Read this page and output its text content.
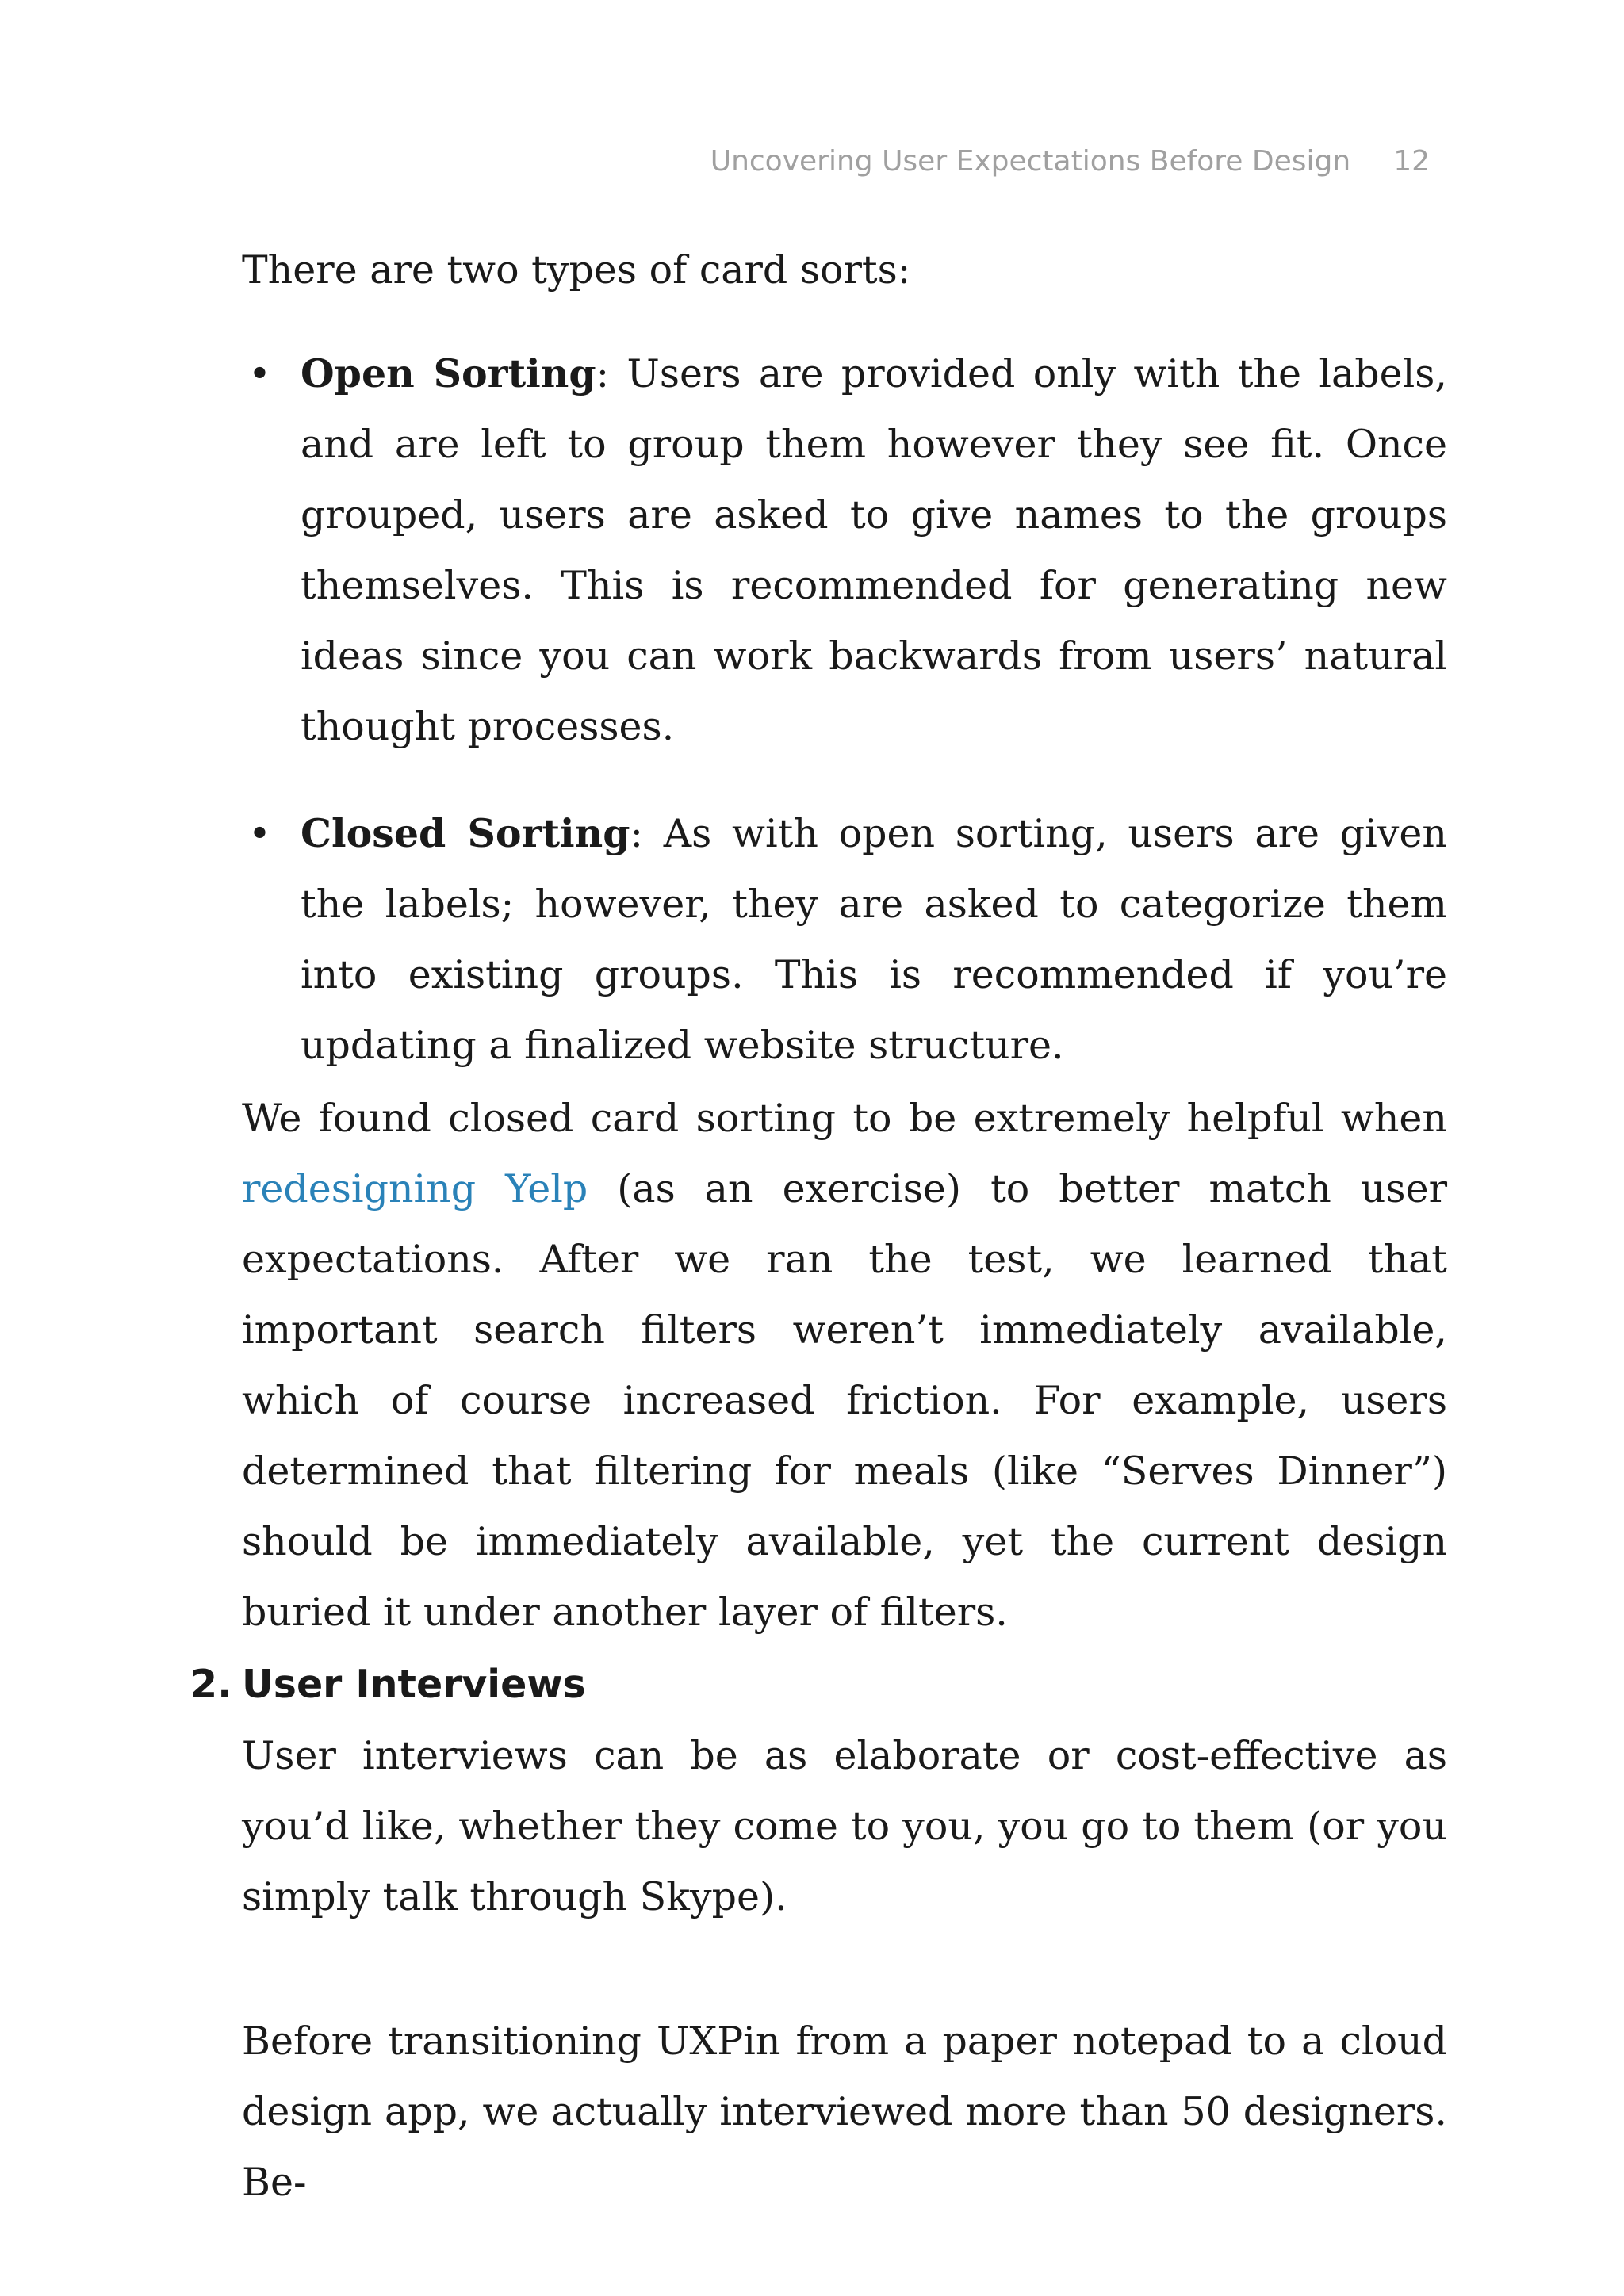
Uncovering User Expectations Before Design 12

There are two types of card sorts:

• Open Sorting: Users are provided only with the labels, and are left to group them however they see fit. Once grouped, users are asked to give names to the groups themselves. This is recommended for generating new ideas since you can work backwards from users’ natural thought processes.
• Closed Sorting: As with open sorting, users are given the labels; however, they are asked to categorize them into existing groups. This is recommended if you’re updating a finalized website structure.

We found closed card sorting to be extremely helpful when redesigning Yelp (as an exercise) to better match user expectations. After we ran the test, we learned that important search filters weren’t immediately available, which of course increased friction. For example, users determined that filtering for meals (like “Serves Dinner”) should be immediately available, yet the current design buried it under another layer of filters.

2. User Interviews

User interviews can be as elaborate or cost-effective as you’d like, whether they come to you, you go to them (or you simply talk through Skype).

Before transitioning UXPin from a paper notepad to a cloud design app, we actually interviewed more than 50 designers. Be-
